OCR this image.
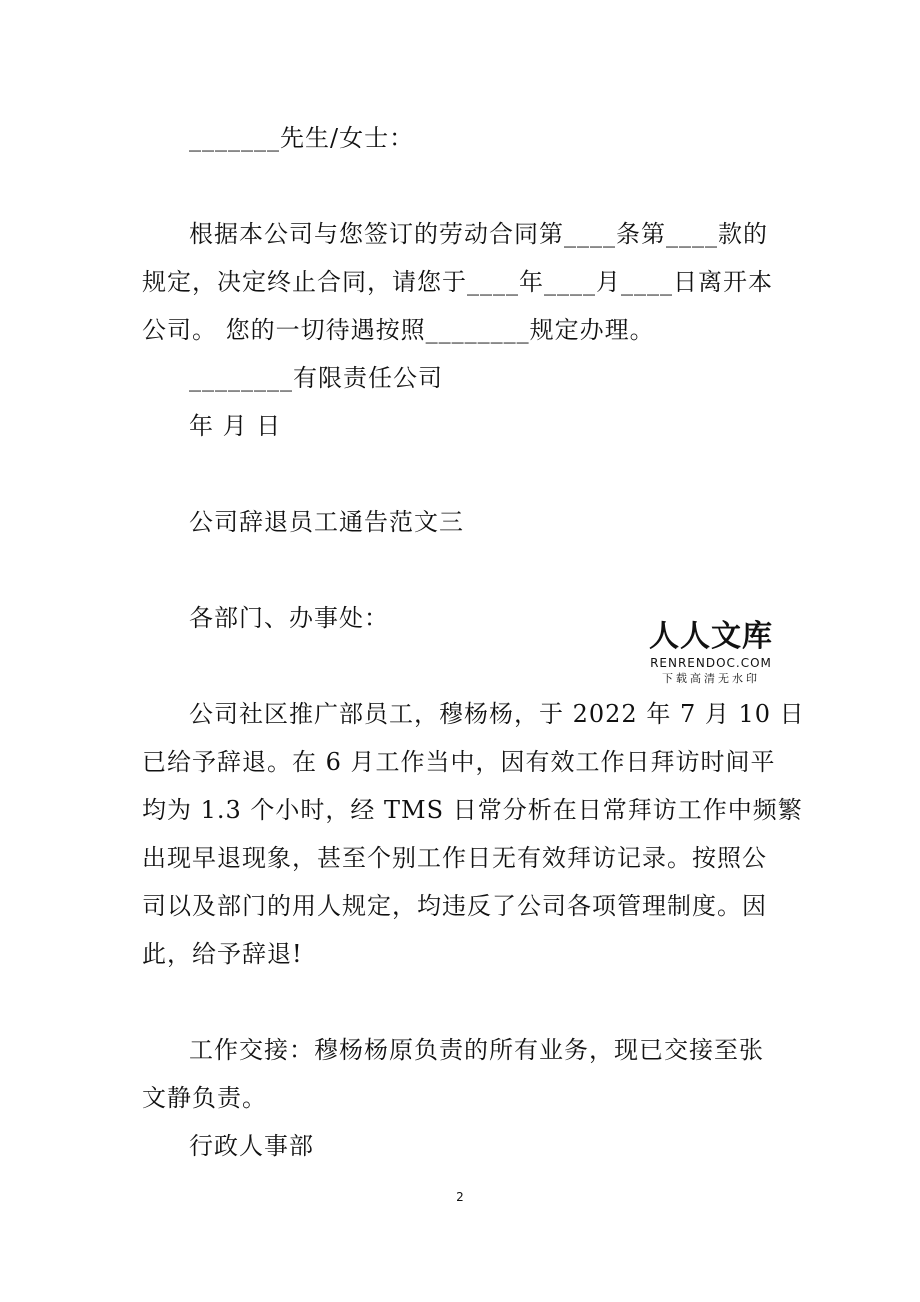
_______先生/女士：
根据本公司与您签订的劳动合同第____条第____款的
规定，决定终止合同，请您于____年____月____日离开本
公司。 您的一切待遇按照________规定办理。
________有限责任公司
年 月 日
公司辞退员工通告范文三
各部门、办事处：
公司社区推广部员工，穆杨杨，于 2022 年 7 月 10 日
已给予辞退。在 6 月工作当中，因有效工作日拜访时间平
均为 1.3 个小时，经 TMS 日常分析在日常拜访工作中频繁
出现早退现象，甚至个别工作日无有效拜访记录。按照公
司以及部门的用人规定，均违反了公司各项管理制度。因
此，给予辞退!
工作交接：穆杨杨原负责的所有业务，现已交接至张
文静负责。
行政人事部
人人文库
RENRENDOC.COM
下载高清无水印
2
